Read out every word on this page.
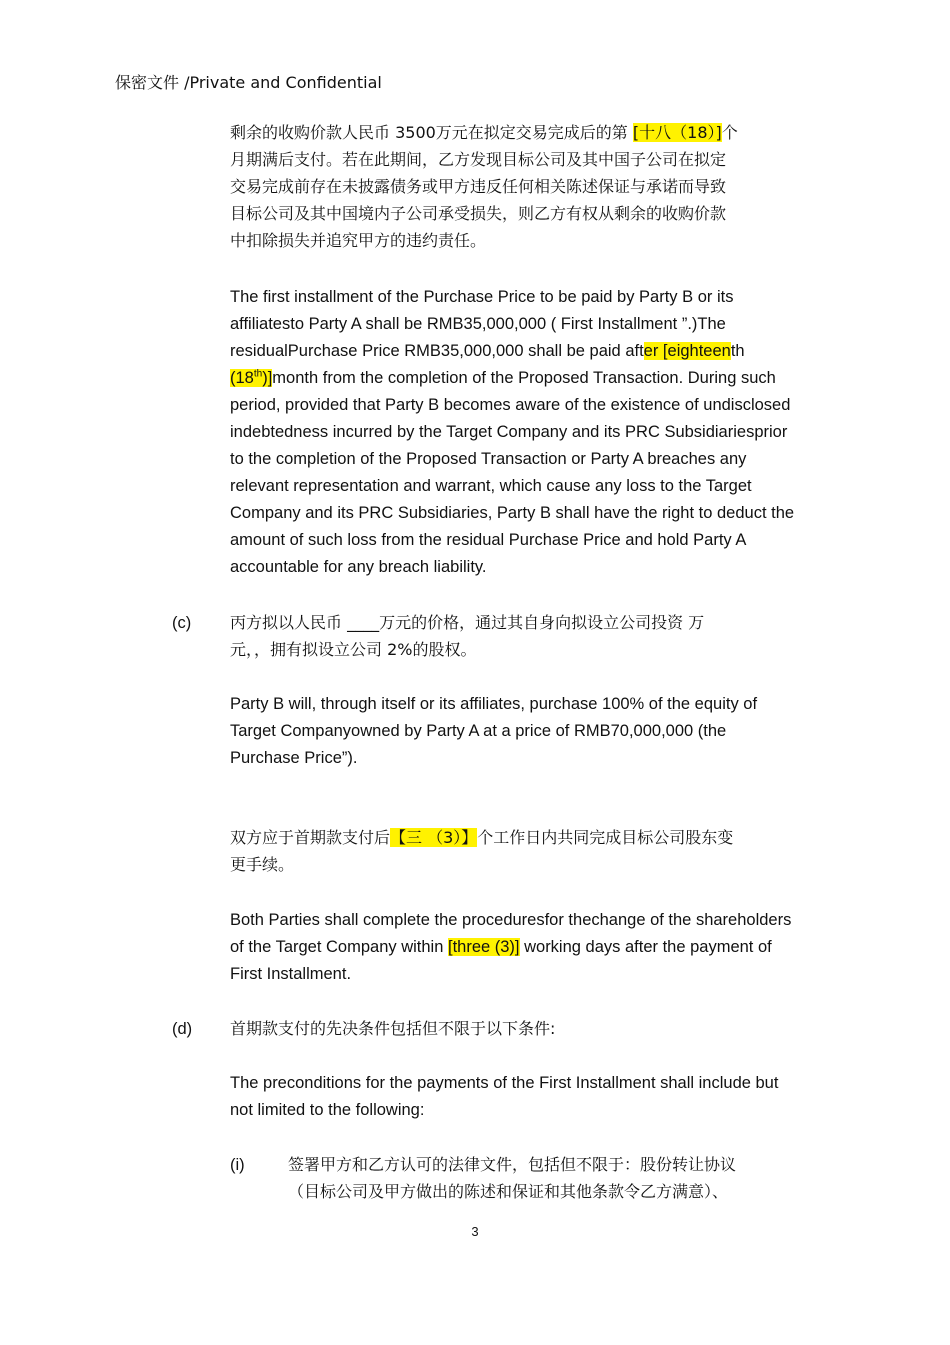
保密文件 /Private and Confidential
剩余的收购价款人民币 3500万元在拟定交易完成后的第 [十八（18）]个
月期满后支付。若在此期间，乙方发现目标公司及其中国子公司在拟定
交易完成前存在未披露债务或甲方违反任何相关陈述保证与承诺而导致
目标公司及其中国境内子公司承受损失，则乙方有权从剩余的收购价款
中扣除损失并追究甲方的违约责任。
The first installment of the Purchase Price to be paid by Party B or its
affiliatesto Party A shall be RMB35,000,000 ( First Installment ”.)The
residualPurchase Price RMB35,000,000 shall be paid after [eighteenth
(18th)]month from the completion of the Proposed Transaction. During such
period, provided that Party B becomes aware of the existence of undisclosed
indebtedness incurred by the Target Company and its PRC Subsidiariesprior
to the completion of the Proposed Transaction or Party A breaches any
relevant representation and warrant, which cause any loss to the Target
Company and its PRC Subsidiaries, Party B shall have the right to deduct the
amount of such loss from the residual Purchase Price and hold Party A
accountable for any breach liability.
(c) 丙方拟以人民币 ____万元的价格，通过其自身向拟设立公司投资 万
元，，拥有拟设立公司 2%的股权。
Party B will, through itself or its affiliates, purchase 100% of the equity of
Target Companyowned by Party A at a price of RMB70,000,000 (the
Purchase Price”).
双方应于首期款支付后【三 （3）】个工作日内共同完成目标公司股东变
更手续。
Both Parties shall complete the proceduresfor thechange of the shareholders
of the Target Company within [three (3)] working days after the payment of
First Installment.
(d) 首期款支付的先决条件包括但不限于以下条件:
The preconditions for the payments of the First Installment shall include but
not limited to the following:
(i)	签署甲方和乙方认可的法律文件，包括但不限于：股份转让协议
（目标公司及甲方做出的陈述和保证和其他条款令乙方满意）、
3
